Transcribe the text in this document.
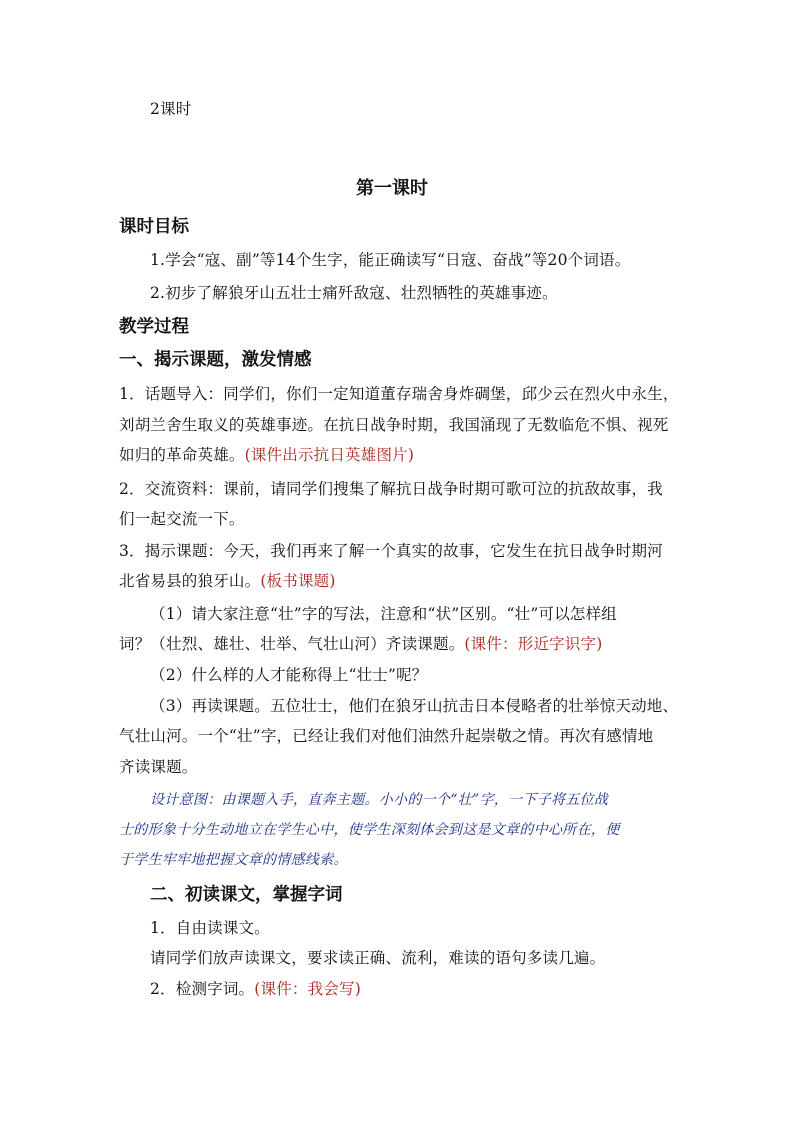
2课时
第一课时
课时目标
1.学会“寇、副”等14个生字，能正确读写“日寇、奋战”等20个词语。
2.初步了解狼牙山五壮士痛歼敌寇、壮烈牺牲的英雄事迹。
教学过程
一、揭示课题，激发情感
1．话题导入：同学们，你们一定知道董存瑞舍身炸碉堡，邱少云在烈火中永生，
刘胡兰舍生取义的英雄事迹。在抗日战争时期，我国涌现了无数临危不惧、视死
如归的革命英雄。(课件出示抗日英雄图片)
2．交流资料：课前，请同学们搜集了解抗日战争时期可歌可泣的抗敌故事，我
们一起交流一下。
3．揭示课题：今天，我们再来了解一个真实的故事，它发生在抗日战争时期河
北省易县的狼牙山。(板书课题)
（1）请大家注意“壮”字的写法，注意和“状”区别。“壮”可以怎样组
词？（壮烈、雄壮、壮举、气壮山河）齐读课题。(课件：形近字识字)
（2）什么样的人才能称得上“壮士”呢？
（3）再读课题。五位壮士，他们在狼牙山抗击日本侵略者的壮举惊天动地、
气壮山河。一个“壮”字，已经让我们对他们油然升起崇敬之情。再次有感情地
齐读课题。
设计意图：由课题入手，直奔主题。小小的一个“壮”字，一下子将五位战
士的形象十分生动地立在学生心中，使学生深刻体会到这是文章的中心所在，便
于学生牢牢地把握文章的情感线索。
二、初读课文，掌握字词
1．自由读课文。
请同学们放声读课文，要求读正确、流利，难读的语句多读几遍。
2．检测字词。(课件：我会写)
